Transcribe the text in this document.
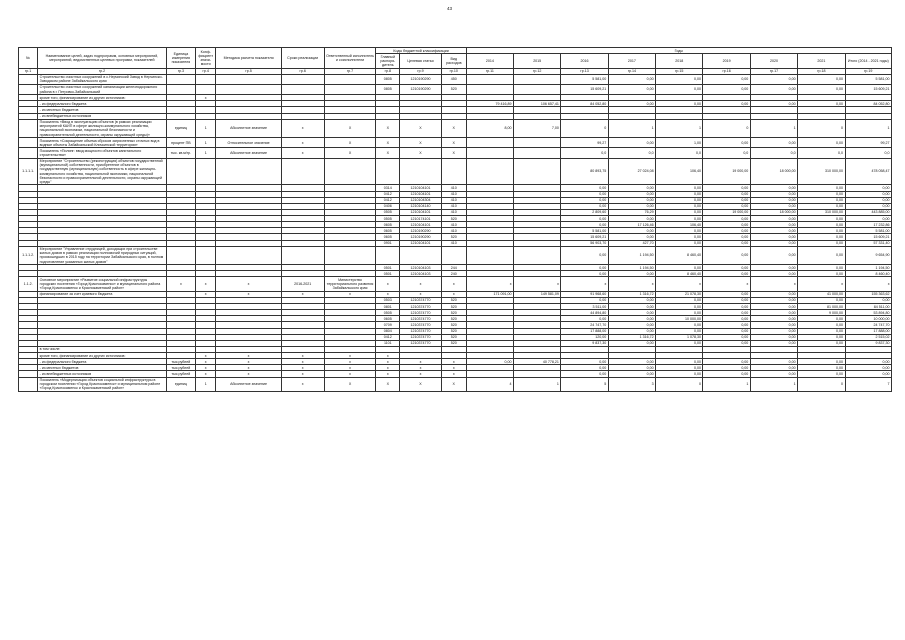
43
№	Наименование целей, задач подпрограмм, основных мероприятий, мероприятий, ведомственных целевых программ, показателей	Единица измерения показателя	Коэф-фициент значи-мости	Методика расчета показателя	Сроки реализации	Ответственный исполнитель и соисполнители	Коды бюджетной классификации			Годы								
							Главный распоря-дитель	Целевая статья	Вид расходов	2014	2015	2016	2017	2018	2019	2020	2021	Итого (2014 - 2021 годы)

гр.1	гр.2	гр.3	гр.4	гр.5	гр.6	гр.7	гр.8	гр.9	гр.10	гр.11	гр.12	гр.13	гр.14	гр.15	гр.16	гр.17	гр.18	гр.19
	Строительство очистных сооружений в с.Нерчинский Завод в Нерчинско-Заводском районе Забайкальского края						0805	1210190290	450			5 581,00	0,00	0,00	0,00	0,00	0,00	5 581,00
	Строительство очистных сооружений канализации железнодорожного района в г. Петровск-Забайкальский						0805	1210190290	520			15 609,21	0,00	0,00	0,00	0,00	0,00	15 609,21
	кроме того, финансирование из других источников:		х															
	- из федерального бюджета									79 416,89	106 657,41	84 052,80	0,00	0,00	0,00	0,00	0,00	84 052,80
	- из местных бюджетов																	
	- из внебюджетных источников																	
	Показатель «Ввод в эксплуатацию объектов (в рамках реализации мероприятий КАИП в сфере жилищно-коммунального хозяйства, национальной экономики, национальной безопасности и правоохранительной деятельности, охраны окружающей среды)»	единиц	1	Абсолютное значение	х	Х	Х	Х	Х	8,00	7,00	0	1	1	0	1	0	1
	Показатель «Сокращение объема сбросов загрязненных сточных вод в водные объекты Забайкальской Кличкинской территории»	процент ПВ	1	Относительное значение	х	Х	Х	Х	Х			99,27	0,00	1,00	0,00	0,00	0,00	99,27
	Показатель «Пилинг: ввод мощности объектов капитального строительства»	тыс. кв.м/гр.	1	Абсолютное значение	х	Х	Х	Х	Х			0,0	0,0	0,0	0,0	0,0	0,0	0,0
1.1.1.1.	Мероприятие "Строительство (реконструкция) объектов государственной (муниципальной) собственности, приобретение объектов в государственную (муниципальную) собственность в сфере жилищно-коммунального хозяйства, национальной экономики, национальной безопасности и правоохранительной деятельности, охраны окружающей среды"											80 893,75	27 024,08	106,40	19 000,00	18 000,00	310 000,00	478 058,47
							0314	1210104101	410			0,00	0,00	0,00	0,00	0,00	0,00	0,00
							0412	1210104101	410			0,00	0,00	0,00	0,00	0,00	0,00	0,00
							0412	1210104304	410			0,00	0,00	0,00	0,00	0,00	0,00	0,00
							0406	1210104140	410			0,00	0,00	0,00	0,00	0,00	0,00	0,00
							0505	1210104101	410			2 809,60	76,29	0,00	19 000,00	18 000,00	310 000,00	443 885,00
							0505	1210174101	520			0,00	0,00	0,00	0,00	0,00	0,00	0,00
							0605	1210104101	410			0,00	17 126,46	106,40	0,00	0,00	0,00	17 232,86
							0605	1210190290	410			5 581,00	0,00	0,00	0,00	0,00	0,00	5 581,00
							0605	1210190290	520			15 609,21	0,00	0,00	0,00	0,00	0,00	15 609,21
							0901	1210104101	410			56 903,70	427,70	0,00	0,00	0,00	0,00	57 331,40
1.1.1.2.	Мероприятие "Управление отрудницей, доходящих при строительстве жилых домов в рамках реализации полномочий природных ситуаций, произошедших в 2015 году на территории Забайкальского края, в полном подготовление указанных жилых домов"											0,00	1 194,50	8 460,40	0,00	0,00	0,00	9 654,90
							0501	1210104103	244			0,00	1 194,50	0,00	0,00	0,00	0,00	1 194,50
							0501	1210104103	240			0,00	0,00	8 460,40	0,00	0,00	0,00	8 460,40
1.1.2.	Основное мероприятие «Развитие социальной инфраструктуры городских поселения «Город Краснокаменск» и муниципального района «Город Краснокаменск и Краснокаменский район»	х	х	х	2016-2021	Министерство территориального развития Забайкальского края	х	х	х	х	х	х	х	х	х	х	х	х
	финансирование за счет краевого бюджета		х	х	х	х	х	х	х	171 091,00	149 581,09	91 968,60	1 316,72	21 078,30	0,00	0,00	41 000,00	155 363,62
							0503	1210374770	520			0,00	0,00	0,00	0,00	0,00	0,00	0,00
							0801	1210374770	520			3 511,00	0,00	0,00	0,00	0,00	81 000,00	84 511,00
							0505	1210374770	520			44 894,80	0,00	0,00	0,00	0,00	9 000,00	53 894,80
							0605	1210374770	520			0,00	0,00	10 000,00	0,00	0,00	0,00	10 000,00
							0709	1210374770	520			24 747,70	0,00	0,00	0,00	0,00	0,00	24 747,70
							0804	1210374770	520			17 888,00	0,00	0,00	0,00	0,00	0,00	17 888,00
							0412	1210374770	520			120,00	1 316,72	1 078,30	0,00	0,00	0,00	2 515,02
							1101	1210374770	520			9 837,30	0,00	0,00	0,00	0,00	0,00	9 837,30
	в том числе:																	
	кроме того, финансирование из других источников:		х	х	х	х	х											
	- из федерального бюджета	тыс.рублей	х	х	х	х	х	х	х	0,00	40 778,21	0,00	0,00	0,00	0,00	0,00	0,00	0,00
	- из местных бюджетов	тыс.рублей	х	х	х	х	х	х	х			0,00	0,00	0,00	0,00	0,00	0,00	0,00
	- из внебюджетных источников	тыс.рублей	х	х	х	х	х	х	х			0,00	0,00	0,00	0,00	0,00	0,00	0,00
	Показатель «Модернизация объектов социальной инфраструктуры в городском поселении «Город Краснокаменск» и муниципальном районе «Город Краснокаменск и Краснокаменский район»	единиц	1	Абсолютное значение	х	Х	Х	Х	Х	4	1	5	3	0	1	1	0	7
